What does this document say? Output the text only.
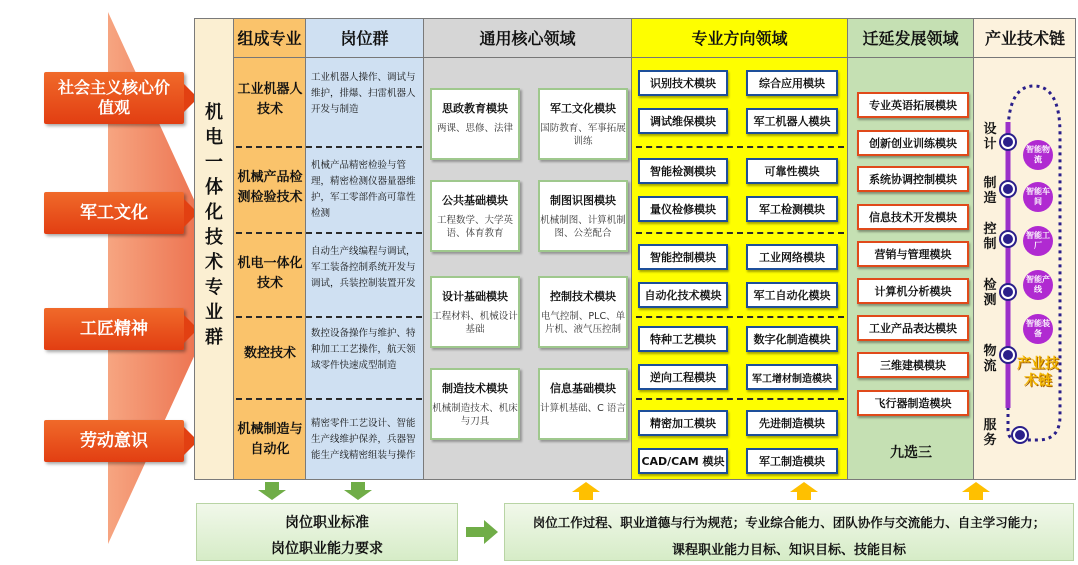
社会主义核心价值观
军工文化
工匠精神
劳动意识
组成专业	岗位群	通用核心领域	专业方向领域	迁延发展领域	产业技术链
机电一体化技术专业群
工业机器人技术
工业机器人操作、调试与维护，排爆、扫雷机器人开发与制造
机械产品检测检验技术
机械产品精密检验与管理，精密检测仪器量器维护，军工零部件高可靠性检测
机电一体化技术
自动生产线编程与调试，军工装备控制系统开发与调试，兵装控制装置开发
数控技术
数控设备操作与维护、特种加工工艺操作，航天领域零件快速成型制造
机械制造与自动化
精密零件工艺设计、智能生产线维护保养，兵器智能生产线精密组装与操作
思政教育模块
两课、思修、法律
军工文化模块
国防教育、军事拓展训练
公共基础模块
工程数学、大学英语、体育教育
制图识图模块
机械制图、计算机制图、公差配合
设计基础模块
工程材料、机械设计基础
控制技术模块
电气控制、PLC、单片机、液气压控制
制造技术模块
机械制造技术、机床与刀具
信息基础模块
计算机基础、C 语言
识别技术模块	综合应用模块
调试维保模块	军工机器人模块
智能检测模块	可靠性模块
量仪检修模块	军工检测模块
智能控制模块	工业网络模块
自动化技术模块	军工自动化模块
特种工艺模块	数字化制造模块
逆向工程模块	军工增材制造模块
精密加工模块	先进制造模块
CAD/CAM 模块	军工制造模块
专业英语拓展模块
创新创业训练模块
系统协调控制模块
信息技术开发模块
营销与管理模块
计算机分析模块
工业产品表达模块
三维建模模块
飞行器制造模块
九选三
设计
制造
控制
检测
物流
服务
智能物流
智能车间
智能工厂
智能产线
智能装备
产业技术链
岗位职业标准
岗位职业能力要求
岗位工作过程、职业道德与行为规范；专业综合能力、团队协作与交流能力、自主学习能力；
课程职业能力目标、知识目标、技能目标
